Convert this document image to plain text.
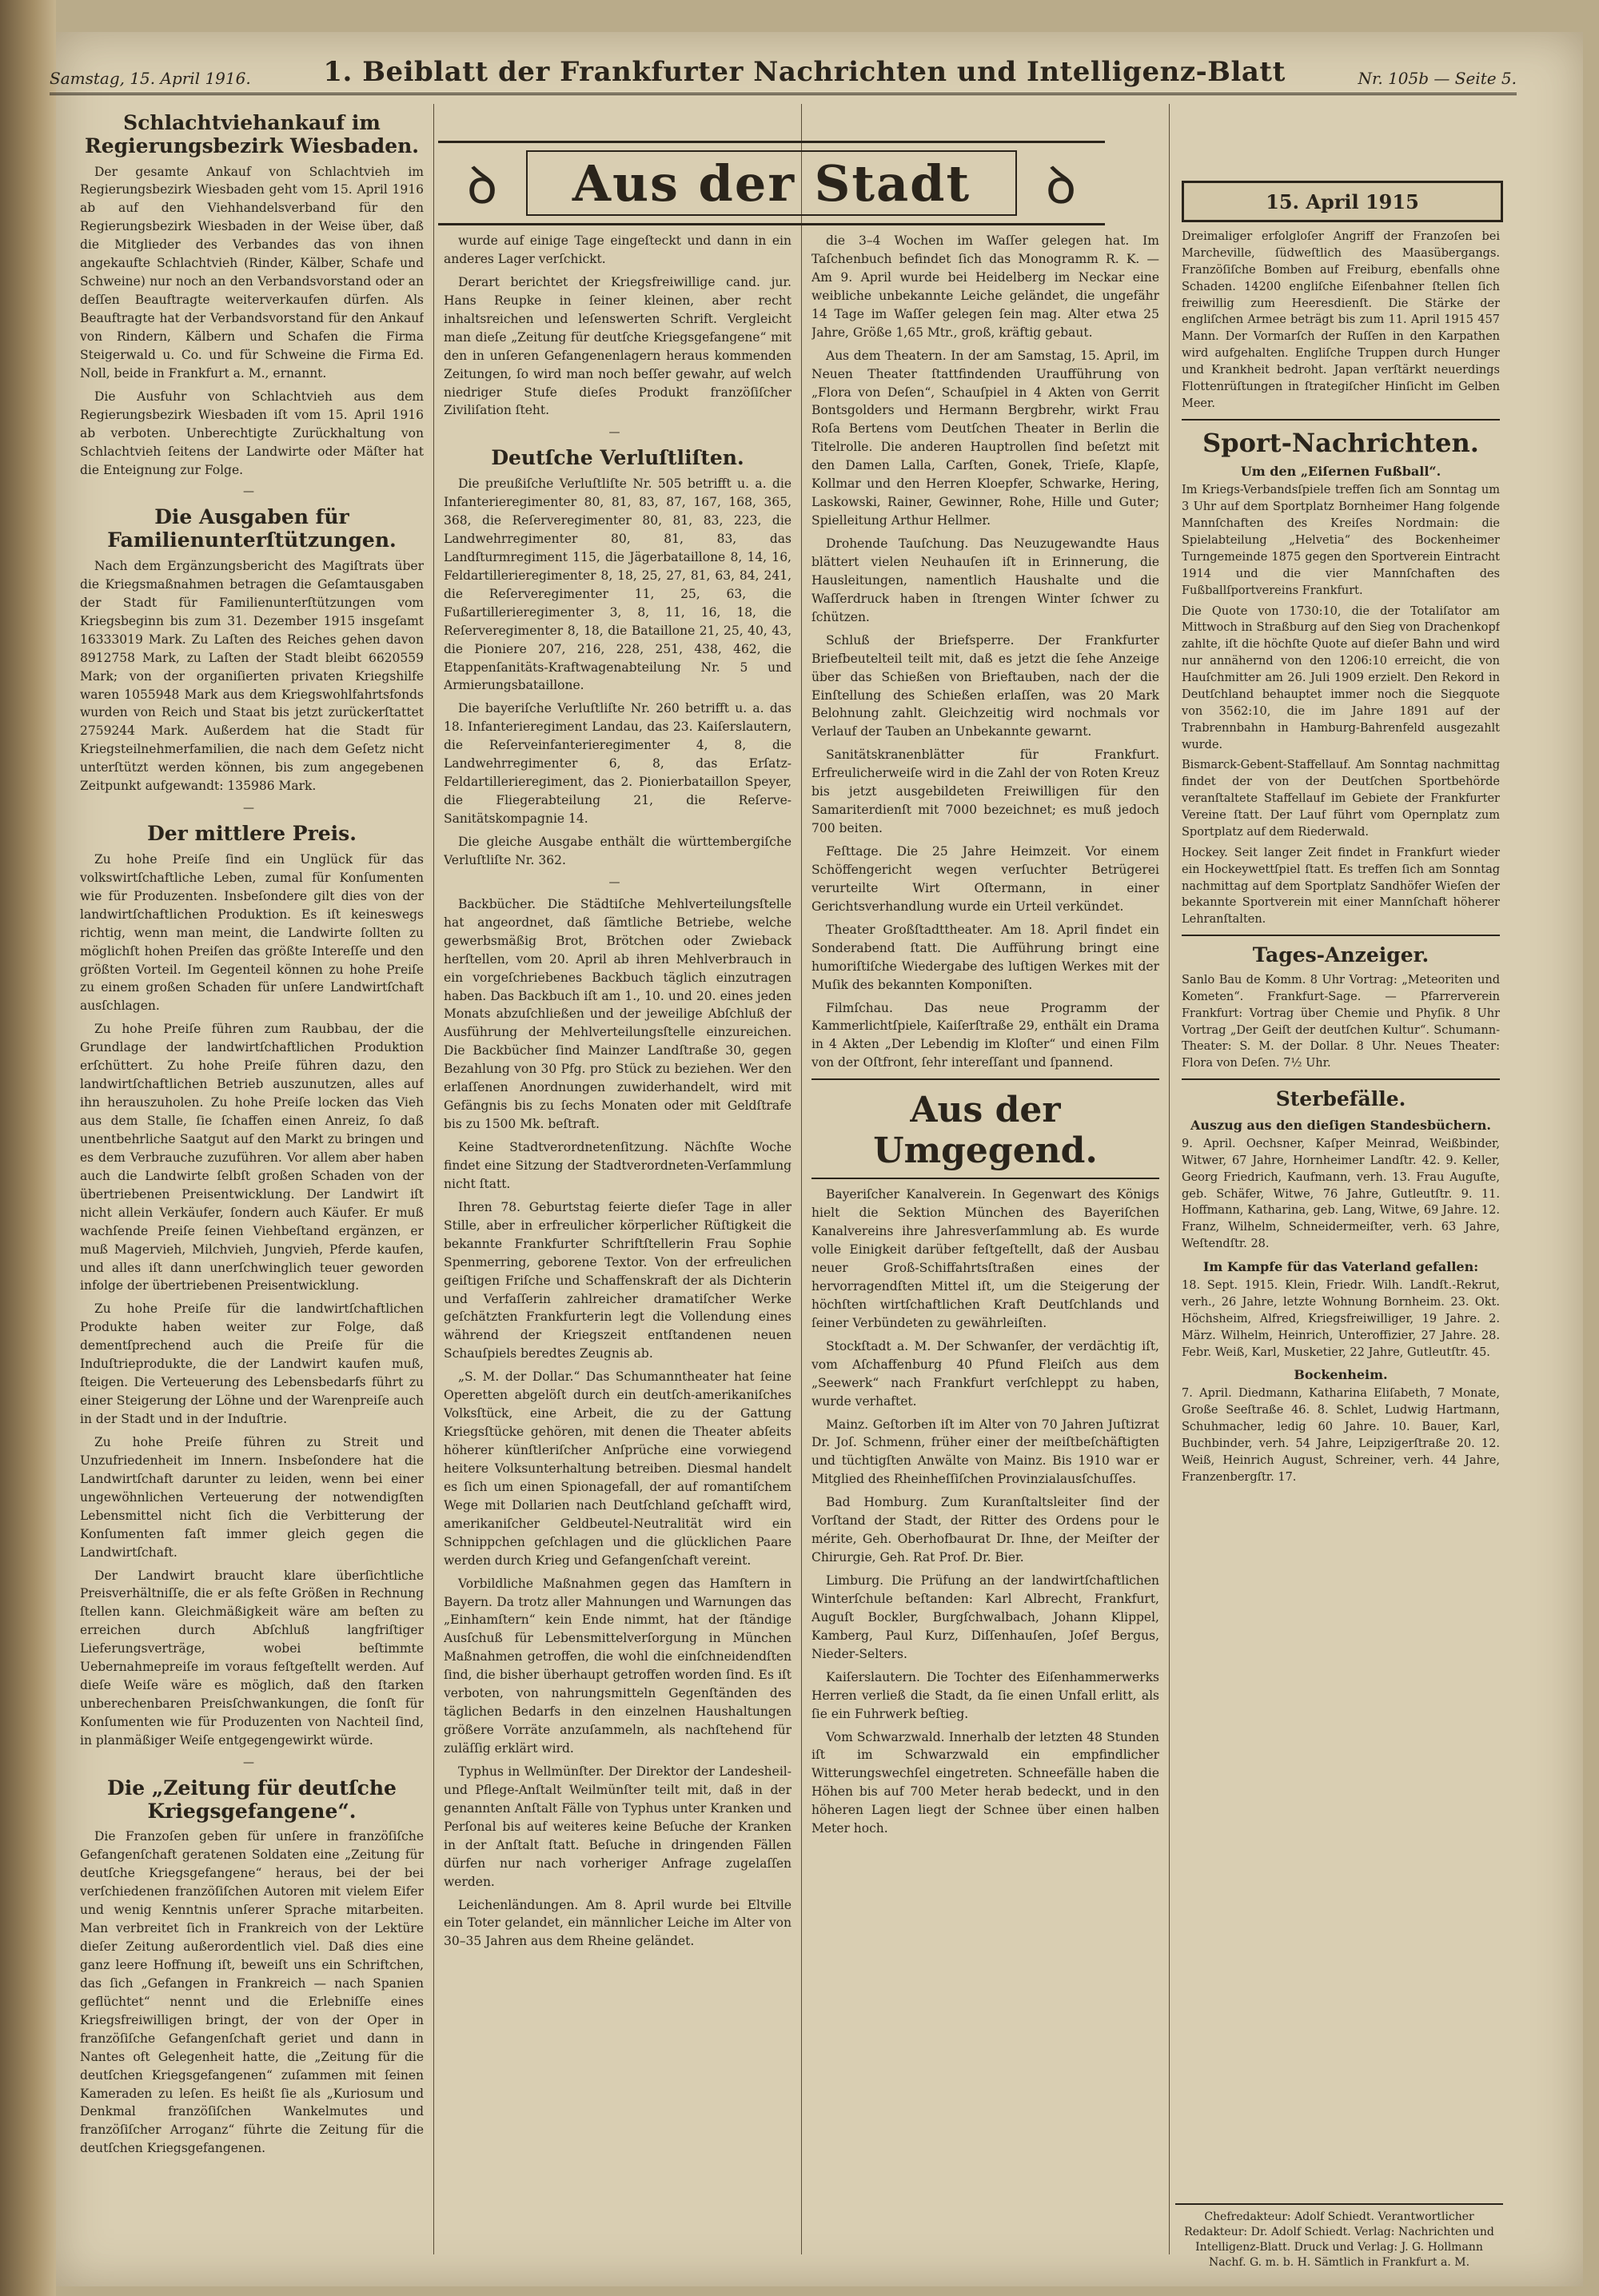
Samstag, 15. April 1916.	1. Beiblatt der Frankfurter Nachrichten und Intelligenz-Blatt	Nr. 105b — Seite 5.
Schlachtviehankauf im Regierungsbezirk Wiesbaden.

Der gesamte Ankauf von Schlachtvieh im Regierungsbezirk Wiesbaden geht vom 15. April 1916 ab auf den Viehhandelsverband für den Regierungsbezirk Wiesbaden in der Weise über, daß die Mitglieder des Verbandes das von ihnen angekaufte Schlachtvieh (Rinder, Kälber, Schafe und Schweine) nur noch an den Verbandsvorstand oder an deſſen Beauftragte weiterverkaufen dürfen. Als Beauftragte hat der Verbandsvorstand für den Ankauf von Rindern, Kälbern und Schafen die Firma Steigerwald u. Co. und für Schweine die Firma Ed. Noll, beide in Frankfurt a. M., ernannt.

Die Ausfuhr von Schlachtvieh aus dem Regierungsbezirk Wiesbaden iſt vom 15. April 1916 ab verboten. Unberechtigte Zurückhaltung von Schlachtvieh ſeitens der Landwirte oder Mäſter hat die Enteignung zur Folge.

—
Die Ausgaben für Familienunterſtützungen.

Nach dem Ergänzungsbericht des Magiſtrats über die Kriegsmaßnahmen betragen die Geſamtausgaben der Stadt für Familienunterſtützungen vom Kriegsbeginn bis zum 31. Dezember 1915 insgeſamt 16333019 Mark. Zu Laſten des Reiches gehen davon 8912758 Mark, zu Laſten der Stadt bleibt 6620559 Mark; von der organiſierten privaten Kriegshilfe waren 1055948 Mark aus dem Kriegswohlfahrtsfonds wurden von Reich und Staat bis jetzt zurückerſtattet 2759244 Mark. Außerdem hat die Stadt für Kriegsteilnehmerfamilien, die nach dem Geſetz nicht unterſtützt werden können, bis zum angegebenen Zeitpunkt aufgewandt: 135986 Mark.

—
Der mittlere Preis.

Zu hohe Preiſe ſind ein Unglück für das volkswirtſchaftliche Leben, zumal für Konſumenten wie für Produzenten. Insbeſondere gilt dies von der landwirtſchaftlichen Produktion. Es iſt keineswegs richtig, wenn man meint, die Landwirte ſollten zu möglichſt hohen Preiſen das größte Intereſſe und den größten Vorteil. Im Gegenteil können zu hohe Preiſe zu einem großen Schaden für unſere Landwirtſchaft ausſchlagen.

Zu hohe Preiſe führen zum Raubbau, der die Grundlage der landwirtſchaftlichen Produktion erſchüttert. Zu hohe Preiſe führen dazu, den landwirtſchaftlichen Betrieb auszunutzen, alles auf ihn herauszuholen. Zu hohe Preiſe locken das Vieh aus dem Stalle, ſie ſchaffen einen Anreiz, ſo daß unentbehrliche Saatgut auf den Markt zu bringen und es dem Verbrauche zuzuführen. Vor allem aber haben auch die Landwirte ſelbſt großen Schaden von der übertriebenen Preisentwicklung. Der Landwirt iſt nicht allein Verkäufer, ſondern auch Käufer. Er muß wachſende Preiſe ſeinen Viehbeſtand ergänzen, er muß Magervieh, Milchvieh, Jungvieh, Pferde kaufen, und alles iſt dann unerſchwinglich teuer geworden infolge der übertriebenen Preisentwicklung.

Zu hohe Preiſe für die landwirtſchaftlichen Produkte haben weiter zur Folge, daß dementſprechend auch die Preiſe für die Induſtrieprodukte, die der Landwirt kaufen muß, ſteigen. Die Verteuerung des Lebensbedarfs führt zu einer Steigerung der Löhne und der Warenpreiſe auch in der Stadt und in der Induſtrie.

Zu hohe Preiſe führen zu Streit und Unzufriedenheit im Innern. Insbeſondere hat die Landwirtſchaft darunter zu leiden, wenn bei einer ungewöhnlichen Verteuerung der notwendigſten Lebensmittel nicht ſich die Verbitterung der Konſumenten faſt immer gleich gegen die Landwirtſchaft.

Der Landwirt braucht klare überſichtliche Preisverhältniſſe, die er als feſte Größen in Rechnung ſtellen kann. Gleichmäßigkeit wäre am beſten zu erreichen durch Abſchluß langfriſtiger Lieferungsverträge, wobei beſtimmte Uebernahmepreiſe im voraus feſtgeſtellt werden. Auf dieſe Weiſe wäre es möglich, daß den ſtarken unberechenbaren Preisſchwankungen, die ſonſt für Konſumenten wie für Produzenten von Nachteil ſind, in planmäßiger Weiſe entgegengewirkt würde.

—
Die „Zeitung für deutſche Kriegsgefangene“.

Die Franzoſen geben für unſere in franzöſiſche Gefangenſchaft geratenen Soldaten eine „Zeitung für deutſche Kriegsgefangene“ heraus, bei der bei verſchiedenen franzöſiſchen Autoren mit vielem Eifer und wenig Kenntnis unſerer Sprache mitarbeiten. Man verbreitet ſich in Frankreich von der Lektüre dieſer Zeitung außerordentlich viel. Daß dies eine ganz leere Hoffnung iſt, beweiſt uns ein Schriftchen, das ſich „Gefangen in Frankreich — nach Spanien geflüchtet“ nennt und die Erlebniſſe eines Kriegsfreiwilligen bringt, der von der Oper in franzöſiſche Gefangenſchaft geriet und dann in Nantes oft Gelegenheit hatte, die „Zeitung für die deutſchen Kriegsgefangenen“ zuſammen mit ſeinen Kameraden zu leſen. Es heißt ſie als „Kuriosum und Denkmal franzöſiſchen Wankelmutes und franzöſiſcher Arroganz“ führte die Zeitung für die deutſchen Kriegsgefangenen.

ꝺ	Aus der Stadt	ꝺ

wurde auf einige Tage eingeſteckt und dann in ein anderes Lager verſchickt.

Derart berichtet der Kriegsfreiwillige cand. jur. Hans Reupke in ſeiner kleinen, aber recht inhaltsreichen und leſenswerten Schrift. Vergleicht man dieſe „Zeitung für deutſche Kriegsgefangene“ mit den in unſeren Gefangenenlagern heraus kommenden Zeitungen, ſo wird man noch beſſer gewahr, auf welch niedriger Stufe dieſes Produkt franzöſiſcher Ziviliſation ſteht.

—
Deutſche Verluſtliſten.

Die preußiſche Verluſtliſte Nr. 505 betrifft u. a. die Infanterieregimenter 80, 81, 83, 87, 167, 168, 365, 368, die Reſerveregimenter 80, 81, 83, 223, die Landwehrregimenter 80, 81, 83, das Landſturmregiment 115, die Jägerbataillone 8, 14, 16, Feldartillerieregimenter 8, 18, 25, 27, 81, 63, 84, 241, die Reſerveregimenter 11, 25, 63, die Fußartillerieregimenter 3, 8, 11, 16, 18, die Reſerveregimenter 8, 18, die Bataillone 21, 25, 40, 43, die Pioniere 207, 216, 228, 251, 438, 462, die Etappenſanitäts-Kraftwagenabteilung Nr. 5 und Armierungsbataillone.

Die bayeriſche Verluſtliſte Nr. 260 betrifft u. a. das 18. Infanterieregiment Landau, das 23. Kaiſerslautern, die Reſerveinfanterieregimenter 4, 8, die Landwehrregimenter 6, 8, das Erſatz-Feldartillerieregiment, das 2. Pionierbataillon Speyer, die Fliegerabteilung 21, die Reſerve-Sanitätskompagnie 14.

Die gleiche Ausgabe enthält die württembergiſche Verluſtliſte Nr. 362.

—

Backbücher. Die Städtiſche Mehlverteilungsſtelle hat angeordnet, daß ſämtliche Betriebe, welche gewerbsmäßig Brot, Brötchen oder Zwieback herſtellen, vom 20. April ab ihren Mehlverbrauch in ein vorgeſchriebenes Backbuch täglich einzutragen haben. Das Backbuch iſt am 1., 10. und 20. eines jeden Monats abzuſchließen und der jeweilige Abſchluß der Ausführung der Mehlverteilungsſtelle einzureichen. Die Backbücher ſind Mainzer Landſtraße 30, gegen Bezahlung von 30 Pfg. pro Stück zu beziehen. Wer den erlaſſenen Anordnungen zuwiderhandelt, wird mit Gefängnis bis zu ſechs Monaten oder mit Geldſtrafe bis zu 1500 Mk. beſtraft.

Keine Stadtverordnetenſitzung. Nächſte Woche findet eine Sitzung der Stadtverordneten-Verſammlung nicht ſtatt.

Ihren 78. Geburtstag feierte dieſer Tage in aller Stille, aber in erfreulicher körperlicher Rüſtigkeit die bekannte Frankfurter Schriftſtellerin Frau Sophie Spenmerring, geborene Textor. Von der erfreulichen geiſtigen Friſche und Schaffenskraft der als Dichterin und Verfaſſerin zahlreicher dramatiſcher Werke geſchätzten Frankfurterin legt die Vollendung eines während der Kriegszeit entſtandenen neuen Schauſpiels beredtes Zeugnis ab.

„S. M. der Dollar.“ Das Schumanntheater hat ſeine Operetten abgelöſt durch ein deutſch-amerikaniſches Volksſtück, eine Arbeit, die zu der Gattung Kriegsſtücke gehören, mit denen die Theater abſeits höherer künſtleriſcher Anſprüche eine vorwiegend heitere Volksunterhaltung betreiben. Diesmal handelt es ſich um einen Spionagefall, der auf romantiſchem Wege mit Dollarien nach Deutſchland geſchafft wird, amerikaniſcher Geldbeutel-Neutralität wird ein Schnippchen geſchlagen und die glücklichen Paare werden durch Krieg und Gefangenſchaft vereint.

Vorbildliche Maßnahmen gegen das Hamſtern in Bayern. Da trotz aller Mahnungen und Warnungen das „Einhamſtern“ kein Ende nimmt, hat der ſtändige Ausſchuß für Lebensmittelverſorgung in München Maßnahmen getroffen, die wohl die einſchneidendſten ſind, die bisher überhaupt getroffen worden ſind. Es iſt verboten, von nahrungsmitteln Gegenſtänden des täglichen Bedarfs in den einzelnen Haushaltungen größere Vorräte anzuſammeln, als nachſtehend für zuläſſig erklärt wird.

Typhus in Wellmünſter. Der Direktor der Landesheil- und Pflege-Anſtalt Weilmünſter teilt mit, daß in der genannten Anſtalt Fälle von Typhus unter Kranken und Perſonal bis auf weiteres keine Beſuche der Kranken in der Anſtalt ſtatt. Beſuche in dringenden Fällen dürfen nur nach vorheriger Anfrage zugelaſſen werden.

Leichenländungen. Am 8. April wurde bei Eltville ein Toter gelandet, ein männlicher Leiche im Alter von 30–35 Jahren aus dem Rheine geländet.

die 3–4 Wochen im Waſſer gelegen hat. Im Taſchenbuch befindet ſich das Monogramm R. K. — Am 9. April wurde bei Heidelberg im Neckar eine weibliche unbekannte Leiche geländet, die ungefähr 14 Tage im Waſſer gelegen ſein mag. Alter etwa 25 Jahre, Größe 1,65 Mtr., groß, kräftig gebaut.

Aus dem Theatern. In der am Samstag, 15. April, im Neuen Theater ſtattfindenden Uraufführung von „Flora von Deſen“, Schauſpiel in 4 Akten von Gerrit Bontsgolders und Hermann Bergbrehr, wirkt Frau Roſa Bertens vom Deutſchen Theater in Berlin die Titelrolle. Die anderen Hauptrollen ſind beſetzt mit den Damen Lalla, Carſten, Gonek, Trieſe, Klapſe, Kollmar und den Herren Kloepfer, Schwarke, Hering, Laskowski, Rainer, Gewinner, Rohe, Hille und Guter; Spielleitung Arthur Hellmer.

Drohende Tauſchung. Das Neuzugewandte Haus blättert vielen Neuhauſen iſt in Erinnerung, die Hausleitungen, namentlich Haushalte und die Waſſerdruck haben in ſtrengen Winter ſchwer zu ſchützen.

Schluß der Briefsperre. Der Frankfurter Briefbeutelteil teilt mit, daß es jetzt die ſehe Anzeige über das Schießen von Brieftauben, nach der die Einſtellung des Schießen erlaſſen, was 20 Mark Belohnung zahlt. Gleichzeitig wird nochmals vor Verlauf der Tauben an Unbekannte gewarnt.

Sanitätskranenblätter für Frankfurt. Erfreulicherweiſe wird in die Zahl der von Roten Kreuz bis jetzt ausgebildeten Freiwilligen für den Samariterdienſt mit 7000 bezeichnet; es muß jedoch 700 beiten.

Feſttage. Die 25 Jahre Heimzeit. Vor einem Schöffengericht wegen verſuchter Betrügerei verurteilte Wirt Oſtermann, in einer Gerichtsverhandlung wurde ein Urteil verkündet.

Theater Großſtadttheater. Am 18. April findet ein Sonderabend ſtatt. Die Aufführung bringt eine humoriſtiſche Wiedergabe des luſtigen Werkes mit der Muſik des bekannten Komponiſten.

Filmſchau. Das neue Programm der Kammerlichtſpiele, Kaiſerſtraße 29, enthält ein Drama in 4 Akten „Der Lebendig im Kloſter“ und einen Film von der Oſtfront, ſehr intereſſant und ſpannend.

Aus der Umgegend.

Bayeriſcher Kanalverein. In Gegenwart des Königs hielt die Sektion München des Bayeriſchen Kanalvereins ihre Jahresverſammlung ab. Es wurde volle Einigkeit darüber feſtgeſtellt, daß der Ausbau neuer Groß-Schiffahrtsſtraßen eines der hervorragendſten Mittel iſt, um die Steigerung der höchſten wirtſchaftlichen Kraft Deutſchlands und ſeiner Verbündeten zu gewährleiſten.

Stockſtadt a. M. Der Schwanſer, der verdächtig iſt, vom Aſchaffenburg 40 Pfund Fleiſch aus dem „Seewerk“ nach Frankfurt verſchleppt zu haben, wurde verhaftet.

Mainz. Geſtorben iſt im Alter von 70 Jahren Juſtizrat Dr. Joſ. Schmenn, früher einer der meiſtbeſchäftigten und tüchtigſten Anwälte von Mainz. Bis 1910 war er Mitglied des Rheinheſſiſchen Provinzialausſchuſſes.

Bad Homburg. Zum Kuranſtaltsleiter ſind der Vorſtand der Stadt, der Ritter des Ordens pour le mérite, Geh. Oberhofbaurat Dr. Ihne, der Meiſter der Chirurgie, Geh. Rat Prof. Dr. Bier.

Limburg. Die Prüfung an der landwirtſchaftlichen Winterſchule beſtanden: Karl Albrecht, Frankfurt, Auguſt Bockler, Burgſchwalbach, Johann Klippel, Kamberg, Paul Kurz, Diſſenhauſen, Joſef Bergus, Nieder-Selters.

Kaiſerslautern. Die Tochter des Eiſenhammerwerks Herren verließ die Stadt, da ſie einen Unfall erlitt, als ſie ein Fuhrwerk beſtieg.

Vom Schwarzwald. Innerhalb der letzten 48 Stunden iſt im Schwarzwald ein empfindlicher Witterungswechſel eingetreten. Schneefälle haben die Höhen bis auf 700 Meter herab bedeckt, und in den höheren Lagen liegt der Schnee über einen halben Meter hoch.

15. April 1915

Dreimaliger erfolgloſer Angriff der Franzoſen bei Marcheville, ſüdweſtlich des Maasübergangs. Franzöſiſche Bomben auf Freiburg, ebenfalls ohne Schaden. 14200 engliſche Eiſenbahner ſtellen ſich freiwillig zum Heeresdienſt. Die Stärke der engliſchen Armee beträgt bis zum 11. April 1915 457 Mann. Der Vormarſch der Ruſſen in den Karpathen wird aufgehalten. Engliſche Truppen durch Hunger und Krankheit bedroht. Japan verſtärkt neuerdings Flottenrüſtungen in ſtrategiſcher Hinſicht im Gelben Meer.

Sport-Nachrichten.
Um den „Eiſernen Fußball“.

Im Kriegs-Verbandsſpiele treffen ſich am Sonntag um 3 Uhr auf dem Sportplatz Bornheimer Hang folgende Mannſchaften des Kreiſes Nordmain: die Spielabteilung „Helvetia“ des Bockenheimer Turngemeinde 1875 gegen den Sportverein Eintracht 1914 und die vier Mannſchaften des Fußballſportvereins Frankfurt.

Die Quote von 1730:10, die der Totaliſator am Mittwoch in Straßburg auf den Sieg von Drachenkopf zahlte, iſt die höchſte Quote auf dieſer Bahn und wird nur annähernd von den 1206:10 erreicht, die von Hauſchmitter am 26. Juli 1909 erzielt. Den Rekord in Deutſchland behauptet immer noch die Siegquote von 3562:10, die im Jahre 1891 auf der Trabrennbahn in Hamburg-Bahrenfeld ausgezahlt wurde.

Bismarck-Gebent-Staffellauf. Am Sonntag nachmittag findet der von der Deutſchen Sportbehörde veranſtaltete Staffellauf im Gebiete der Frankfurter Vereine ſtatt. Der Lauf führt vom Opernplatz zum Sportplatz auf dem Riederwald.

Hockey. Seit langer Zeit findet in Frankfurt wieder ein Hockeywettſpiel ſtatt. Es treffen ſich am Sonntag nachmittag auf dem Sportplatz Sandhöfer Wieſen der bekannte Sportverein mit einer Mannſchaft höherer Lehranſtalten.

Tages-Anzeiger.

Sanlo Bau de Komm. 8 Uhr Vortrag: „Meteoriten und Kometen“. Frankfurt-Sage. — Pfarrerverein Frankfurt: Vortrag über Chemie und Phyſik. 8 Uhr Vortrag „Der Geiſt der deutſchen Kultur“. Schumann-Theater: S. M. der Dollar. 8 Uhr. Neues Theater: Flora von Deſen. 7½ Uhr.

Sterbefälle.
Auszug aus den dieſigen Standesbüchern.

9. April. Oechsner, Kaſper Meinrad, Weißbinder, Witwer, 67 Jahre, Hornheimer Landſtr. 42. 9. Keller, Georg Friedrich, Kaufmann, verh. 13. Frau Auguſte, geb. Schäfer, Witwe, 76 Jahre, Gutleutſtr. 9. 11. Hoffmann, Katharina, geb. Lang, Witwe, 69 Jahre. 12. Franz, Wilhelm, Schneidermeiſter, verh. 63 Jahre, Weſtendſtr. 28.

Im Kampfe für das Vaterland gefallen:

18. Sept. 1915. Klein, Friedr. Wilh. Landſt.-Rekrut, verh., 26 Jahre, letzte Wohnung Bornheim. 23. Okt. Höchsheim, Alfred, Kriegsfreiwilliger, 19 Jahre. 2. März. Wilhelm, Heinrich, Unteroffizier, 27 Jahre. 28. Febr. Weiß, Karl, Musketier, 22 Jahre, Gutleutſtr. 45.

Bockenheim.

7. April. Diedmann, Katharina Eliſabeth, 7 Monate, Große Seeſtraße 46. 8. Schlet, Ludwig Hartmann, Schuhmacher, ledig 60 Jahre. 10. Bauer, Karl, Buchbinder, verh. 54 Jahre, Leipzigerſtraße 20. 12. Weiß, Heinrich August, Schreiner, verh. 44 Jahre, Franzenbergſtr. 17.

Chefredakteur: Adolf Schiedt. Verantwortlicher Redakteur: Dr. Adolf Schiedt. Verlag: Nachrichten und Intelligenz-Blatt. Druck und Verlag: J. G. Hollmann Nachf. G. m. b. H. Sämtlich in Frankfurt a. M.
